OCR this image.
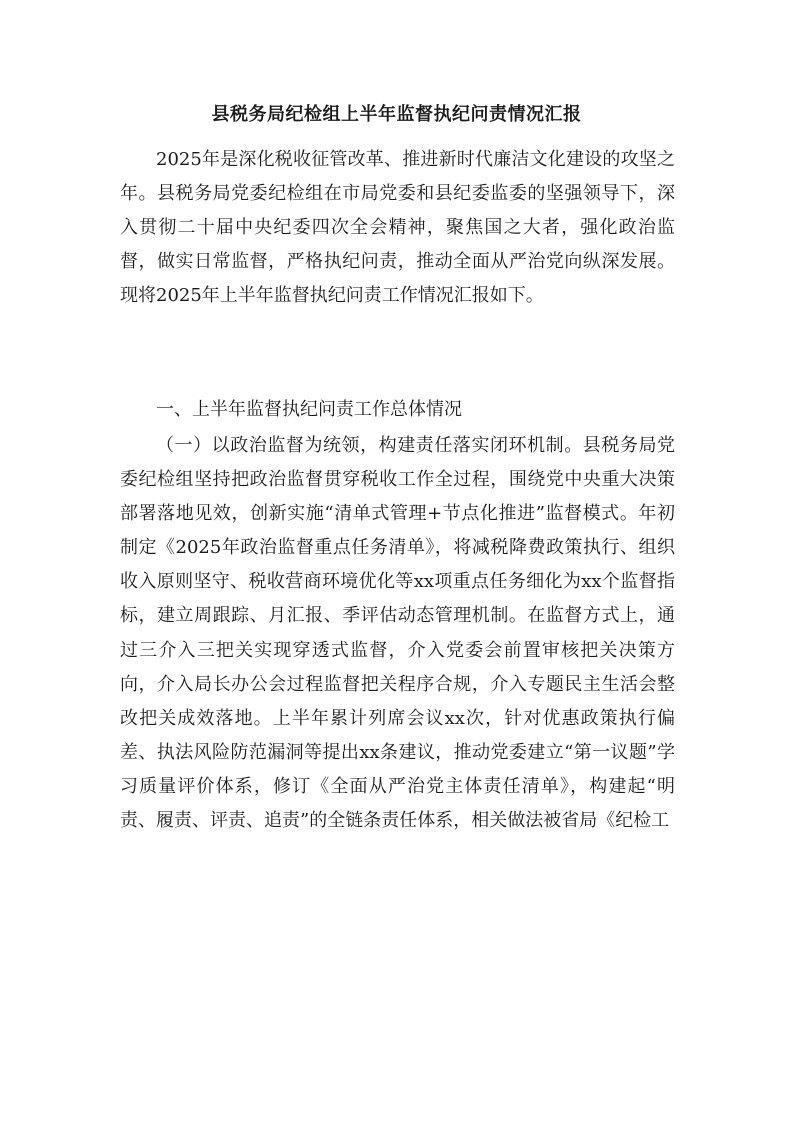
县税务局纪检组上半年监督执纪问责情况汇报

2025年是深化税收征管改革、推进新时代廉洁文化建设的攻坚之年。县税务局党委纪检组在市局党委和县纪委监委的坚强领导下，深入贯彻二十届中央纪委四次全会精神，聚焦国之大者，强化政治监督，做实日常监督，严格执纪问责，推动全面从严治党向纵深发展。现将2025年上半年监督执纪问责工作情况汇报如下。

一、上半年监督执纪问责工作总体情况

（一）以政治监督为统领，构建责任落实闭环机制。县税务局党委纪检组坚持把政治监督贯穿税收工作全过程，围绕党中央重大决策部署落地见效，创新实施“清单式管理+节点化推进”监督模式。年初制定《2025年政治监督重点任务清单》，将减税降费政策执行、组织收入原则坚守、税收营商环境优化等xx项重点任务细化为xx个监督指标，建立周跟踪、月汇报、季评估动态管理机制。在监督方式上，通过三介入三把关实现穿透式监督，介入党委会前置审核把关决策方向，介入局长办公会过程监督把关程序合规，介入专题民主生活会整改把关成效落地。上半年累计列席会议xx次，针对优惠政策执行偏差、执法风险防范漏洞等提出xx条建议，推动党委建立“第一议题”学习质量评价体系，修订《全面从严治党主体责任清单》，构建起“明责、履责、评责、追责”的全链条责任体系，相关做法被省局《纪检工
